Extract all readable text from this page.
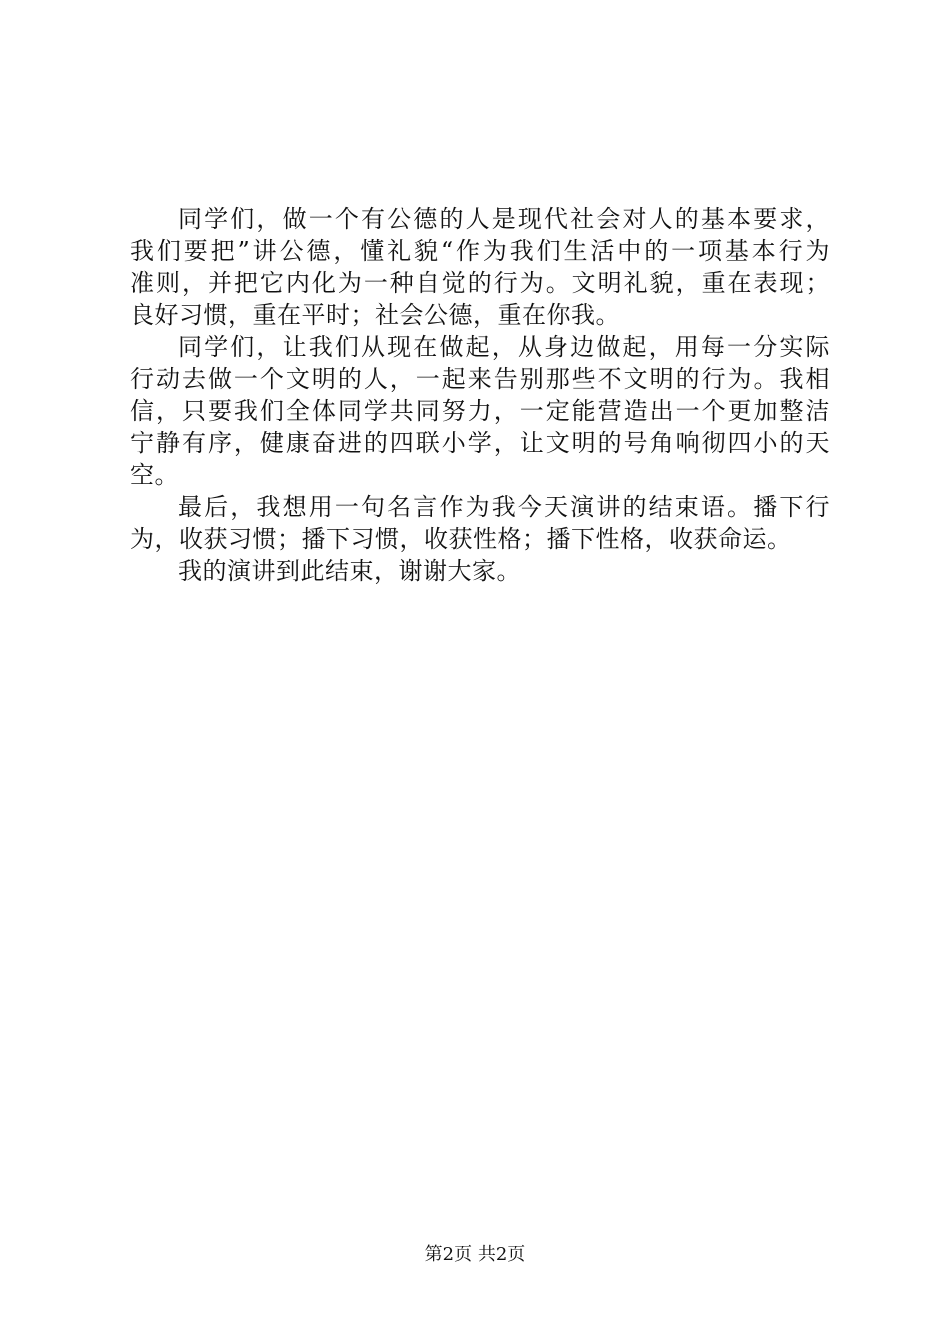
同学们，做一个有公德的人是现代社会对人的基本要求，
我们要把”讲公德，懂礼貌“作为我们生活中的一项基本行为
准则，并把它内化为一种自觉的行为。文明礼貌，重在表现；
良好习惯，重在平时；社会公德，重在你我。
同学们，让我们从现在做起，从身边做起，用每一分实际
行动去做一个文明的人，一起来告别那些不文明的行为。我相
信，只要我们全体同学共同努力，一定能营造出一个更加整洁
宁静有序，健康奋进的四联小学，让文明的号角响彻四小的天
空。
最后，我想用一句名言作为我今天演讲的结束语。播下行
为，收获习惯；播下习惯，收获性格；播下性格，收获命运。
我的演讲到此结束，谢谢大家。
第2页 共2页
